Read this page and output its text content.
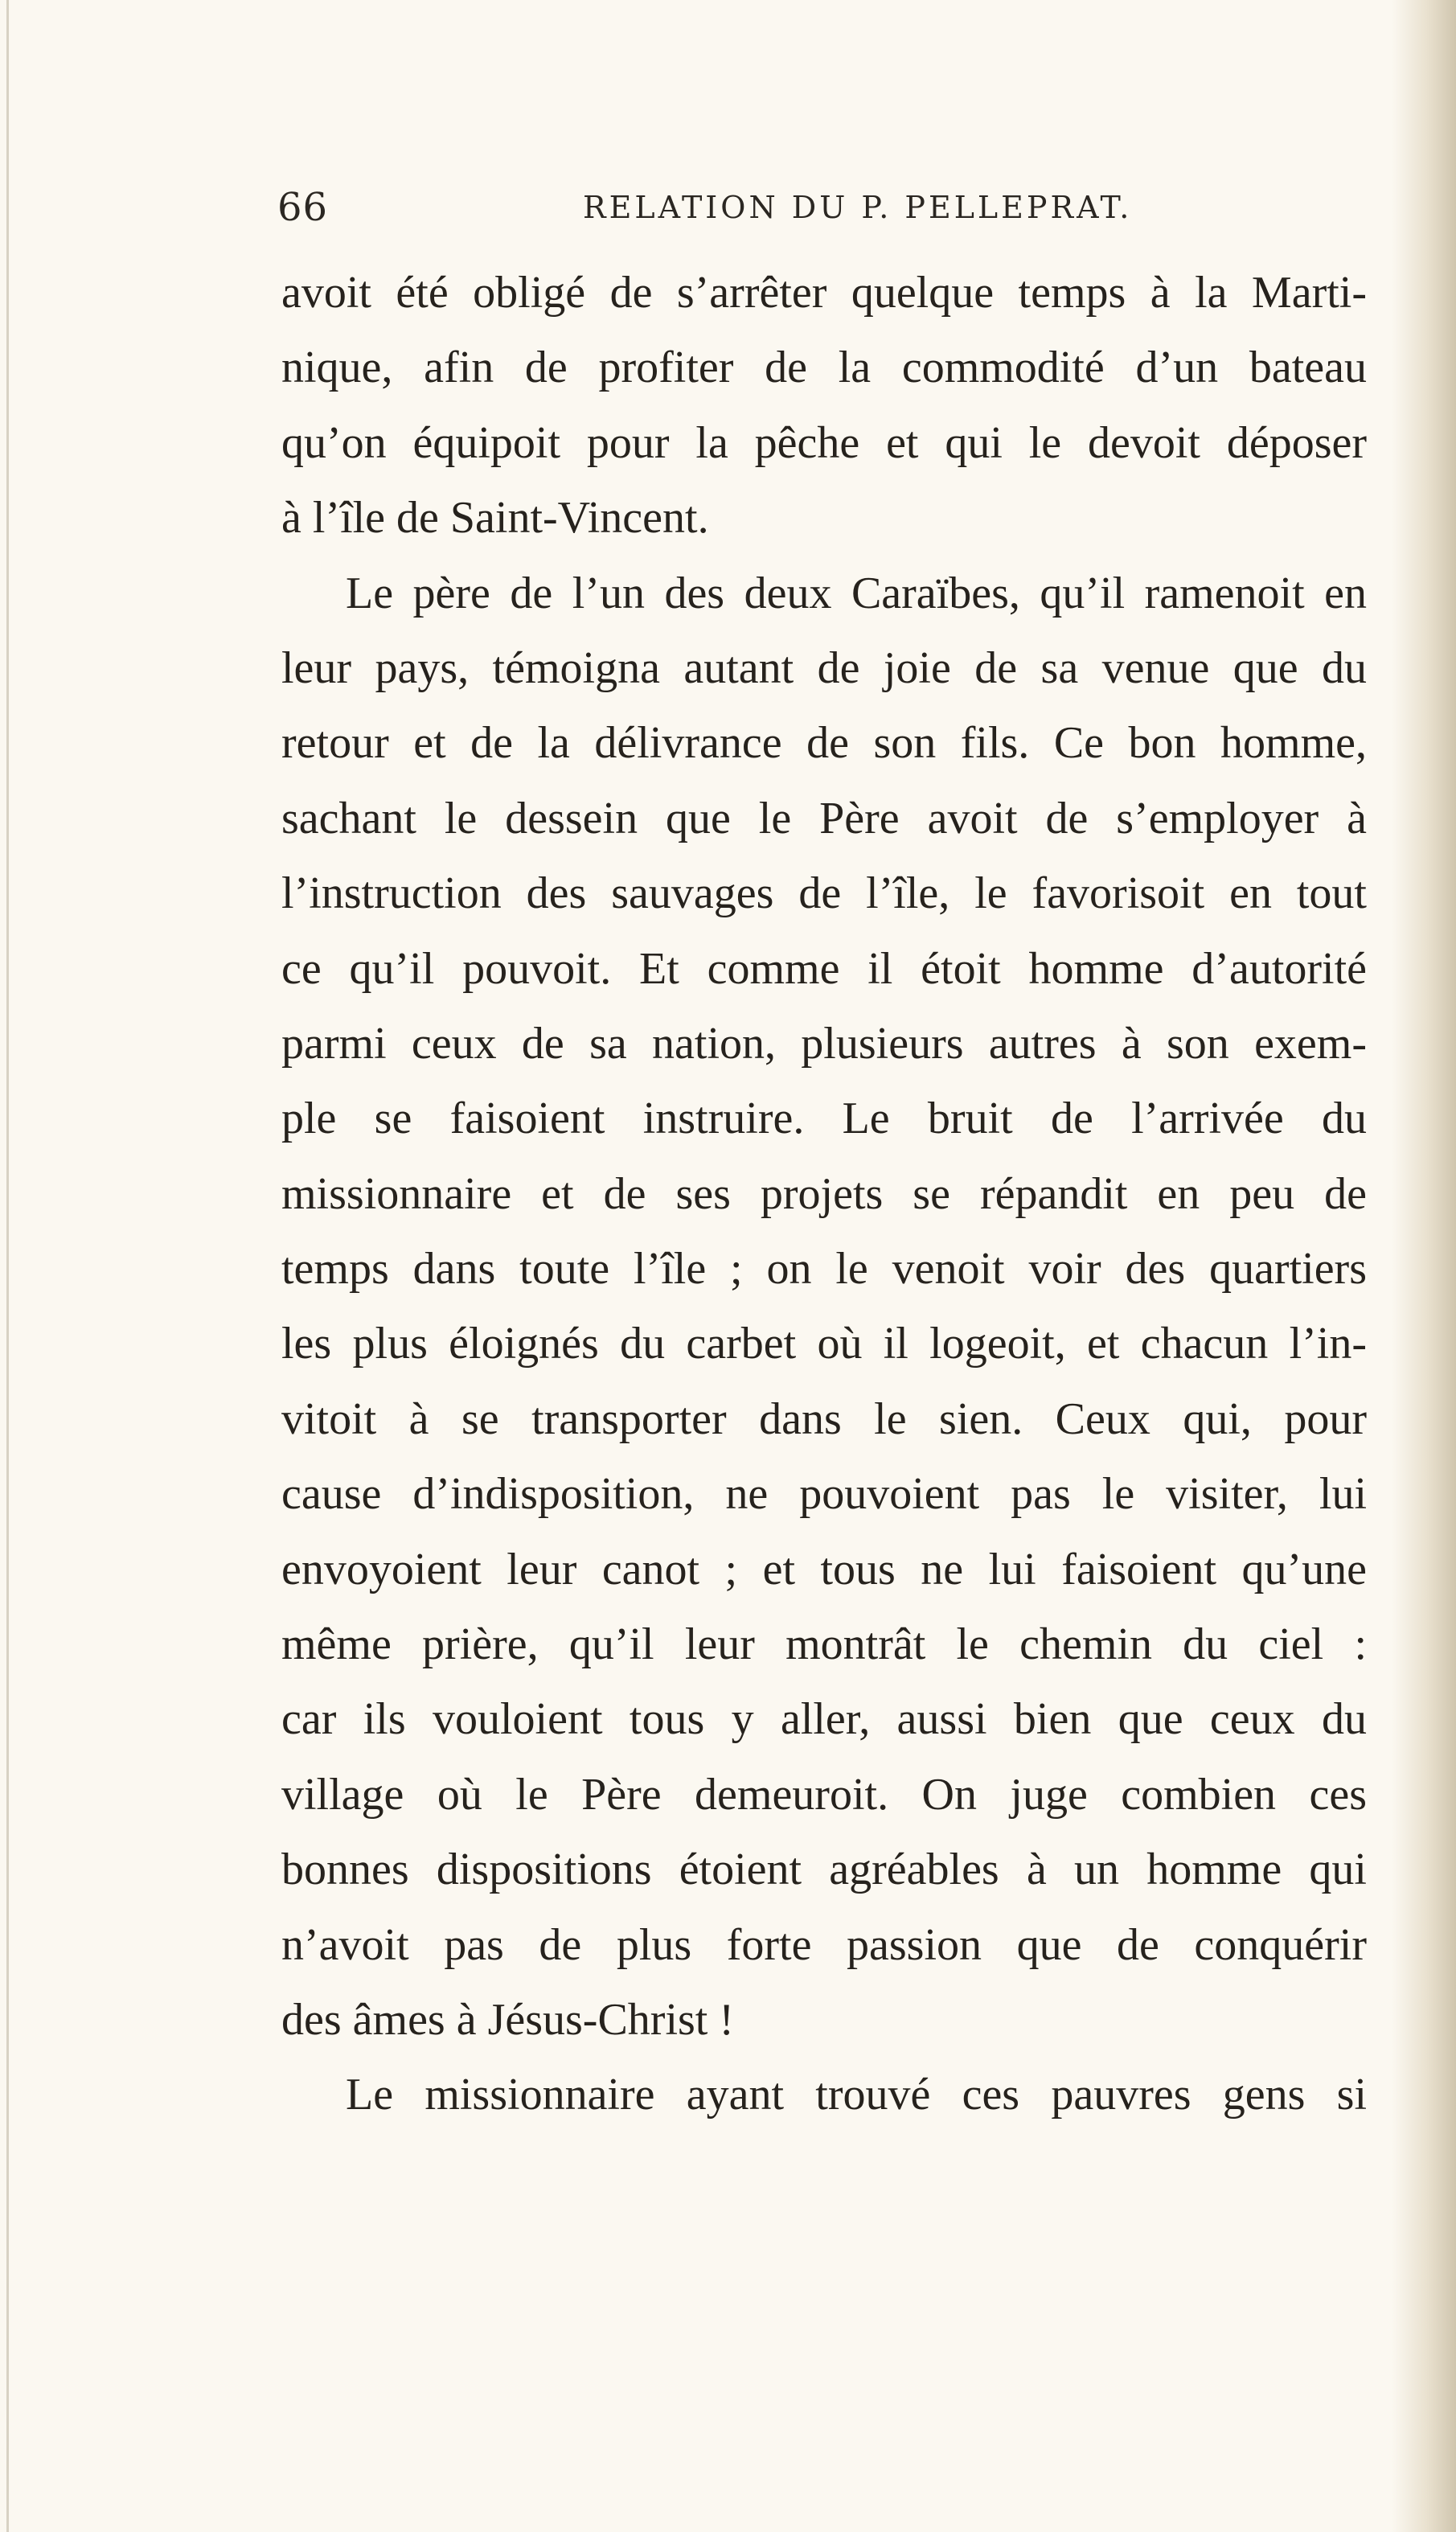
66	RELATION DU P. PELLEPRAT.
avoit été obligé de s’arrêter quelque temps à la Marti-
nique, afin de profiter de la commodité d’un bateau
qu’on équipoit pour la pêche et qui le devoit déposer
à l’île de Saint-Vincent.
Le père de l’un des deux Caraïbes, qu’il ramenoit en
leur pays, témoigna autant de joie de sa venue que du
retour et de la délivrance de son fils. Ce bon homme,
sachant le dessein que le Père avoit de s’employer à
l’instruction des sauvages de l’île, le favorisoit en tout
ce qu’il pouvoit. Et comme il étoit homme d’autorité
parmi ceux de sa nation, plusieurs autres à son exem-
ple se faisoient instruire. Le bruit de l’arrivée du
missionnaire et de ses projets se répandit en peu de
temps dans toute l’île ; on le venoit voir des quartiers
les plus éloignés du carbet où il logeoit, et chacun l’in-
vitoit à se transporter dans le sien. Ceux qui, pour
cause d’indisposition, ne pouvoient pas le visiter, lui
envoyoient leur canot ; et tous ne lui faisoient qu’une
même prière, qu’il leur montrât le chemin du ciel :
car ils vouloient tous y aller, aussi bien que ceux du
village où le Père demeuroit. On juge combien ces
bonnes dispositions étoient agréables à un homme qui
n’avoit pas de plus forte passion que de conquérir
des âmes à Jésus-Christ !
Le missionnaire ayant trouvé ces pauvres gens si
